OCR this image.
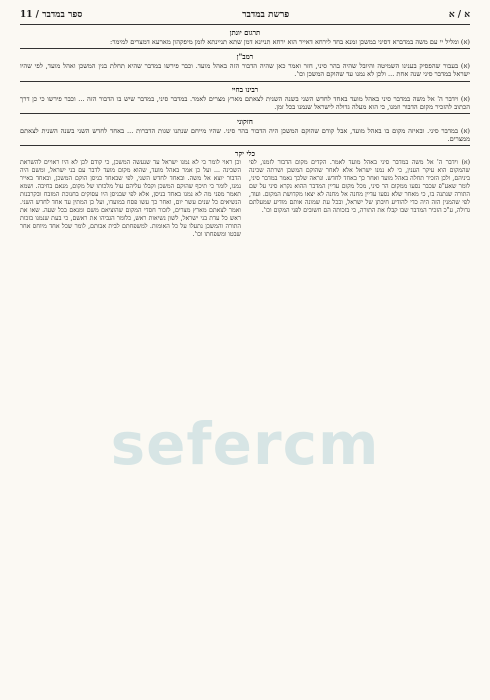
א / א
פרשת במדבר
ספר במדבר / 11
תרגום יונתן
(א) ומליל יי עם משה במדברא דסיני במשכן זמנא בחד לירחא דאייר הוא ירחא תניינא דמן שתא תניינתא לזמן מיפקהון מארעא דמצרים למימר:
רמב"ן
(א) בעבור שהפסיק בענינו השמיטה והיובל שהיה בהר סיני, חזר ואמר כאן שהיה הדבור הזה באהל מועד. וכבר פירשו במדבר שהיא תחלת בנין המשכן ואהל מועד, לפי שהיו ישראל במדבר סיני שנה אחת ... ולכן לא נמנו עד שהוקם המשכן וכו'.
רבינו בחיי
(א) וידבר ה' אל משה במדבר סיני באהל מועד באחד לחדש השני בשנה השנית לצאתם מארץ מצרים לאמר. במדבר סיני, במדבר שיש בו הדבור הזה ... וכבר פירשו כי כן דרך הכתוב להזכיר מקום הדבור וזמנו, כי הוא מעלה גדולה לישראל שנמנו בכל זמן.
חזקוני
(א) במדבר סיני. ובאיזה מקום בו באהל מועד, אבל קודם שהוקם המשכן היה הדבור בהר סיני. שהיו מייחם שנתנו שגות הדברות ... באחד לחדש השני בשנה השנית לצאתם ממצרים.
כלי יקר
(א) וידבר ה' אל משה במדבר סיני באהל מועד לאמר. הקדים מקום הדבור לזמנו, לפי שהמקום הוא עיקר הענין, כי לא נמנו ישראל אלא לאחר שהוקם המשכן ושרתה שכינה ביניהם, ולכן הזכיר תחלה באהל מועד ואחר כך באחד לחדש. ונראה שלכך נאמר במדבר סיני, לומר שאע"פ שכבר נסעו ממקום הר סיני, מכל מקום עדיין המדבר ההוא נקרא סיני על שם התורה שנתנה בו, כי מאחר שלא נסעו עדיין מחנה אל מחנה לא יצאו מקדושת המקום. ועוד, לפי שהמנין הזה היה כדי להודיע חיבתן של ישראל, ובכל עת שמונה אותם מודיע שמעלתם גדולה, ע"כ הזכיר המדבר שבו קבלו את התורה, כי בזכותה הם חשובים לפני המקום וכו'.
וכן ראוי לומר כי לא נמנו ישראל עד שנעשה המשכן, כי קודם לכן לא היו ראויים להשראת השכינה ... ועל כן אמר באהל מועד, שהוא מקום מועד לדבר עם בני ישראל, ומשם היה הדבור יוצא אל משה. ובאחד לחדש השני, לפי שבאחד בניסן הוקם המשכן, ובאחד באייר נמנו, לומר כי תיכף שהוקם המשכן וקבלו עליהם עול מלכותו של מקום, מנאם בחיבה. ושמא תאמר מפני מה לא נמנו באחד בניסן, אלא לפי שבניסן היו עסוקים בחנוכת המזבח ובקרבנות הנשיאים כל שנים עשר יום, ואחר כך עשו פסח במועדו, ועל כן המתין עד אחד לחדש השני. ואמר לצאתם מארץ מצרים, לזכור חסדי המקום שהוציאם משם ומנאם בכל שעה. שאו את ראש כל עדת בני ישראל, לשון נשיאות ראש, כלומר הגביהו את ראשם, כי בעת שנמנו בזכות התורה והמשכן נתעלו על כל האומות. למשפחתם לבית אבותם, לומר שכל אחד מיוחס אחר שבטו ומשפחתו וכו'.
sefercm
